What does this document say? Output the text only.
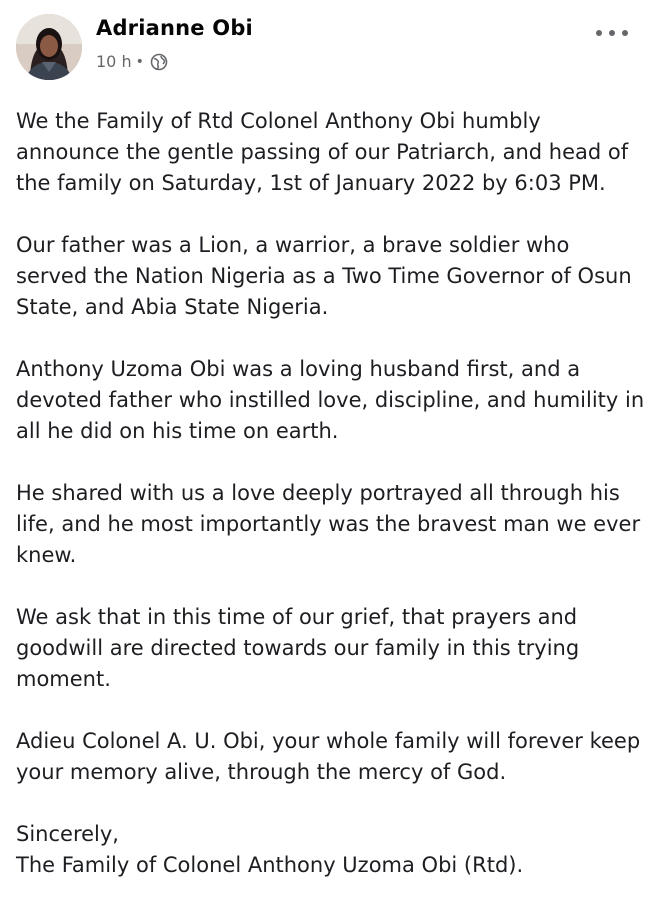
Adrianne Obi
10 h •

We the Family of Rtd Colonel Anthony Obi humbly announce the gentle passing of our Patriarch, and head of the family on Saturday, 1st of January 2022 by 6:03 PM.

Our father was a Lion, a warrior, a brave soldier who served the Nation Nigeria as a Two Time Governor of Osun State, and Abia State Nigeria.

Anthony Uzoma Obi was a loving husband first, and a devoted father who instilled love, discipline, and humility in all he did on his time on earth.

He shared with us a love deeply portrayed all through his life, and he most importantly was the bravest man we ever knew.

We ask that in this time of our grief, that prayers and goodwill are directed towards our family in this trying moment.

Adieu Colonel A. U. Obi, your whole family will forever keep your memory alive, through the mercy of God.

Sincerely,
The Family of Colonel Anthony Uzoma Obi (Rtd).
